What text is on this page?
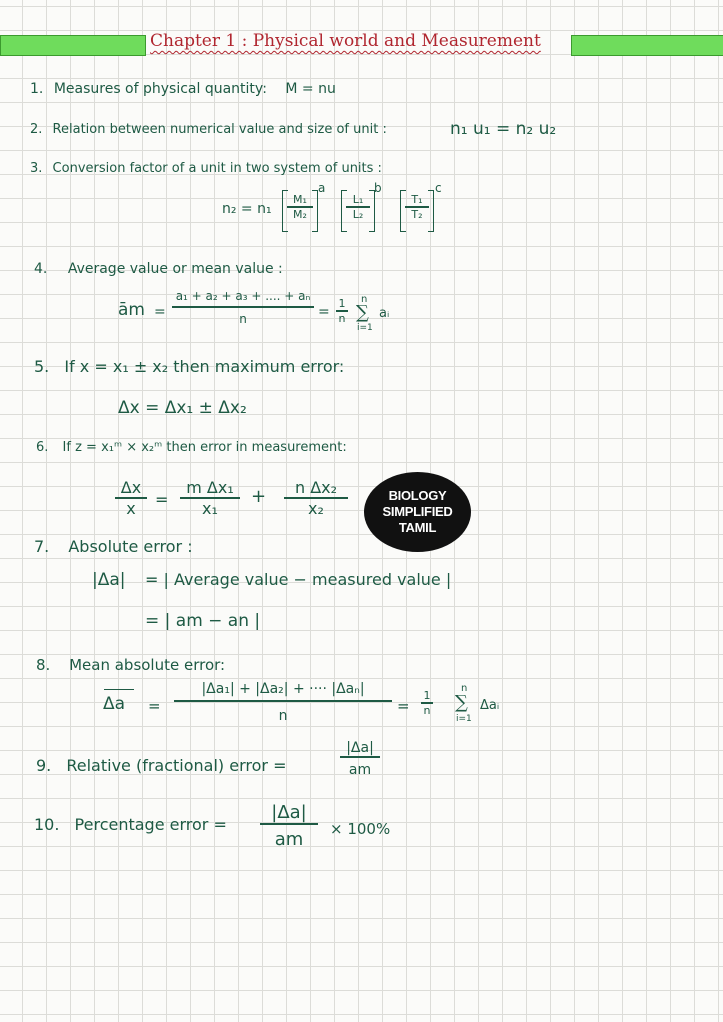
Chapter 1 : Physical world and Measurement
1. Measures of physical quantity: M = nu
2. Relation between numerical value and size of unit :	n₁ u₁ = n₂ u₂
3. Conversion factor of a unit in two system of units :
n₂ = n₁
M₁
M₂
a
L₁
L₂
b
T₁
T₂
c
4. Average value or mean value :
ām =
a₁ + a₂ + a₃ + .... + aₙ
n	=
1
n
n
∑
i=1
aᵢ
5. If x = x₁ ± x₂ then maximum error:
Δx = Δx₁ ± Δx₂
6. If z = x₁ᵐ × x₂ᵐ then error in measurement:
Δx
x =
m Δx₁
x₁
+ n Δx₂
x₂
BIOLOGY
SIMPLIFIED
TAMIL
7. Absolute error :
|Δa| = | Average value − measured value |
= | am − an |
8. Mean absolute error:
Δa =
|Δa₁| + |Δa₂| + ···· |Δaₙ|
n
=
1
n
n
∑
i=1
Δaᵢ
9. Relative (fractional) error =
|Δa|
am
10. Percentage error =
|Δa|
am × 100%
